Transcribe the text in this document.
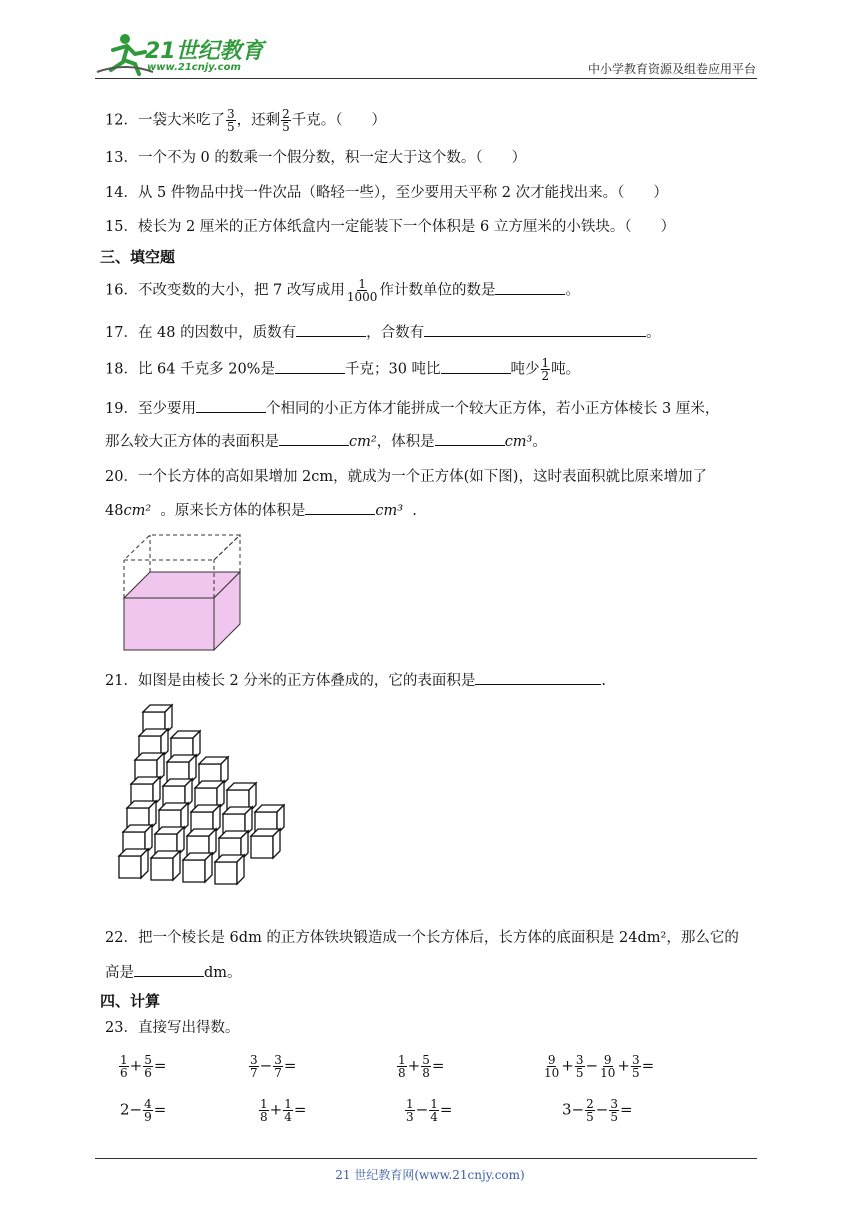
21世纪教育
www.21cnjy.com	中小学教育资源及组卷应用平台
12．一袋大米吃了 $\frac{3}{5}$ ，还剩 $\frac{2}{5}$ 千克。（　　）
13．一个不为 0 的数乘一个假分数，积一定大于这个数。（　　）
14．从 5 件物品中找一件次品（略轻一些），至少要用天平称 2 次才能找出来。（　　）
15．棱长为 2 厘米的正方体纸盒内一定能装下一个体积是 6 立方厘米的小铁块。（　　）
三、填空题
16．不改变数的大小，把 7 改写成用 $\frac{1}{1000}$ 作计数单位的数是	。
17．在 48 的因数中，质数有	，合数有	。
18．比 64 千克多 20%是	千克；30 吨比	吨少 $\frac{1}{2}$ 吨。
19．至少要用	个相同的小正方体才能拼成一个较大正方体，若小正方体棱长 3 厘米，
那么较大正方体的表面积是	cm²，体积是	cm³。
20．一个长方体的高如果增加 2cm，就成为一个正方体(如下图)，这时表面积就比原来增加了
48cm² 。原来长方体的体积是	cm³ .
21．如图是由棱长 2 分米的正方体叠成的，它的表面积是	.
22．把一个棱长是 6dm 的正方体铁块锻造成一个长方体后，长方体的底面积是 24dm²，那么它的
高是	dm。
四、计算
23．直接写出得数。
$\frac{1}{6} + \frac{5}{6}$ =	$\frac{3}{7} - \frac{3}{7}$ =	$\frac{1}{8} + \frac{5}{8}$ =	$\frac{9}{10} + \frac{3}{5} - \frac{9}{10} + \frac{3}{5}$ =
$2- \frac{4}{9}$ =	$\frac{1}{8} + \frac{1}{4}$ =	$\frac{1}{3} - \frac{1}{4}$ =	$3- \frac{2}{5} - \frac{3}{5}$ =
21 世纪教育网(www.21cnjy.com)
